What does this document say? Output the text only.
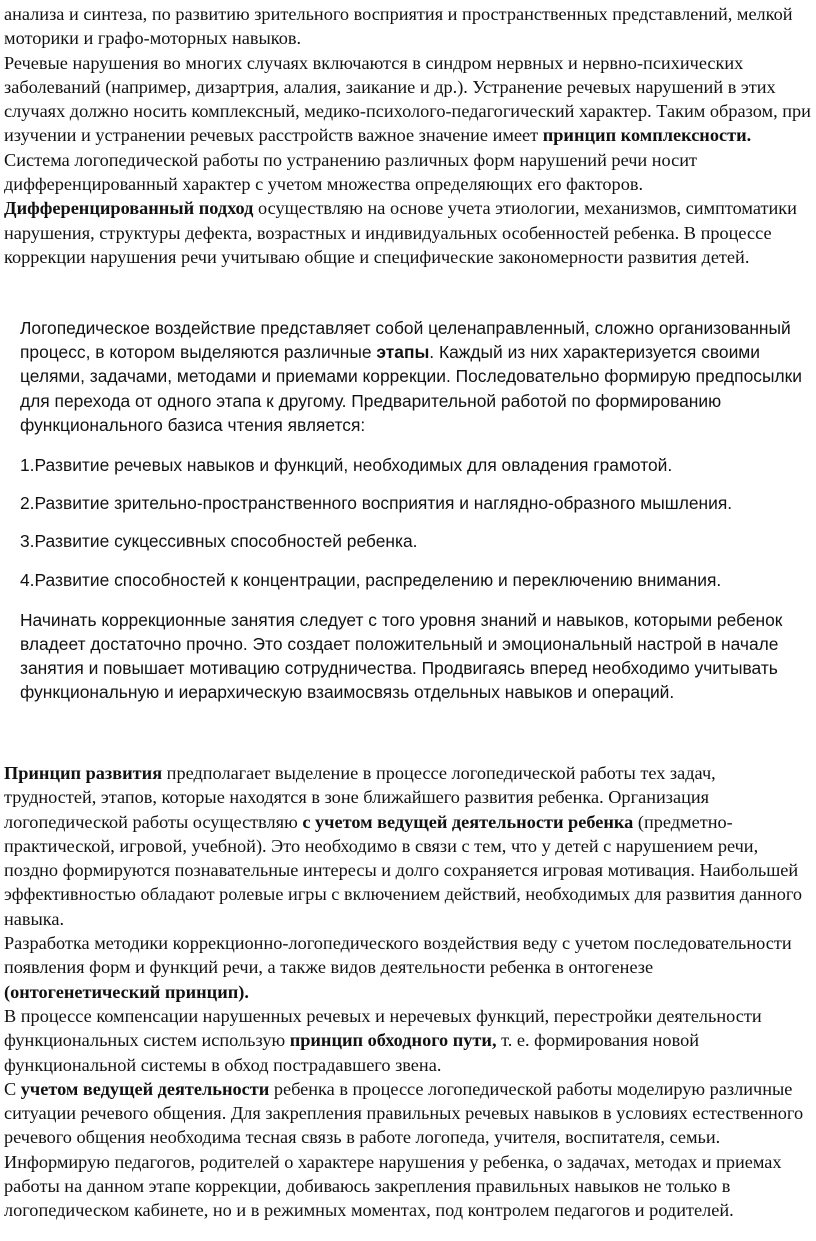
анализа и синтеза, по развитию зрительного восприятия и пространственных представлений, мелкой моторики и графо-моторных навыков.

Речевые нарушения во многих случаях включаются в синдром нервных и нервно-психических заболеваний (например, дизартрия, алалия, заикание и др.). Устранение речевых нарушений в этих случаях должно носить комплексный, медико-психолого-педагогический характер. Таким образом, при изучении и устранении речевых расстройств важное значение имеет принцип комплексности.

Система логопедической работы по устранению различных форм нарушений речи носит дифференцированный характер с учетом множества определяющих его факторов. Дифференцированный подход осуществляю на основе учета этиологии, механизмов, симптоматики нарушения, структуры дефекта, возрастных и индивидуальных особенностей ребенка. В процессе коррекции нарушения речи учитываю общие и специфические закономерности развития детей.

Логопедическое воздействие представляет собой целенаправленный, сложно организованный процесс, в котором выделяются различные этапы. Каждый из них характеризуется своими целями, задачами, методами и приемами коррекции. Последовательно формирую предпосылки для перехода от одного этапа к другому. Предварительной работой по формированию функционального базиса чтения является:

1.Развитие речевых навыков и функций, необходимых для овладения грамотой.

2.Развитие зрительно-пространственного восприятия и наглядно-образного мышления.

3.Развитие сукцессивных способностей ребенка.

4.Развитие способностей к концентрации, распределению и переключению внимания.

Начинать коррекционные занятия следует с того уровня знаний и навыков, которыми ребенок владеет достаточно прочно. Это создает положительный и эмоциональный настрой в начале занятия и повышает мотивацию сотрудничества. Продвигаясь вперед необходимо учитывать функциональную и иерархическую взаимосвязь отдельных навыков и операций.

Принцип развития предполагает выделение в процессе логопедической работы тех задач, трудностей, этапов, которые находятся в зоне ближайшего развития ребенка. Организация логопедической работы осуществляю с учетом ведущей деятельности ребенка (предметно-практической, игровой, учебной). Это необходимо в связи с тем, что у детей с нарушением речи, поздно формируются познавательные интересы и долго сохраняется игровая мотивация. Наибольшей эффективностью обладают ролевые игры с включением действий, необходимых для развития данного навыка.

Разработка методики коррекционно-логопедического воздействия веду с учетом последовательности появления форм и функций речи, а также видов деятельности ребенка в онтогенезе (онтогенетический принцип).

В процессе компенсации нарушенных речевых и неречевых функций, перестройки деятельности функциональных систем использую принцип обходного пути, т. е. формирования новой функциональной системы в обход пострадавшего звена.

С учетом ведущей деятельности ребенка в процессе логопедической работы моделирую различные ситуации речевого общения. Для закрепления правильных речевых навыков в условиях естественного речевого общения необходима тесная связь в работе логопеда, учителя, воспитателя, семьи. Информирую педагогов, родителей о характере нарушения у ребенка, о задачах, методах и приемах работы на данном этапе коррекции, добиваюсь закрепления правильных навыков не только в логопедическом кабинете, но и в режимных моментах, под контролем педагогов и родителей.
